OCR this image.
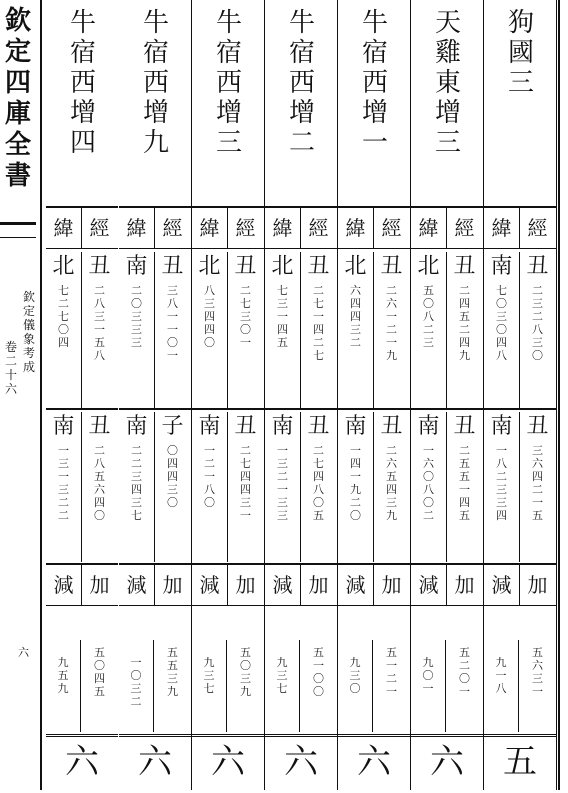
欽
定
四
庫
全
書
欽
定
儀
象
考
成
卷
二
十
六
六
狗
國
三
緯 經
南
七
〇
三
〇
四
八
丑
二
三
二
八
三
〇
南
一
八
二
三
三
四
丑
三
六
四
二
一
五
減 加
九
一
八
五
六
三
一
五
天
雞
東
增
三
緯 經
北
五
〇
八
二
三
丑
二
四
五
二
四
九
南
一
六
〇
八
〇
二
丑
二
五
五
一
四
五
減 加
九
〇
一
五
二
〇
一
六
牛
宿
西
增
一
緯 經
北
六
四
四
三
二
丑
二
六
一
二
一
九
南
一
四
一
九
二
〇
丑
二
六
五
四
三
九
減 加
九
三
〇
五
一
二
一
六
牛
宿
西
增
二
緯 經
北
七
三
一
四
五
丑
二
七
一
四
二
七
南
一
三
二
一
三
三
丑
二
七
四
八
〇
五
減 加
九
三
七
五
一
〇
〇
六
牛
宿
西
增
三
緯 經
北
八
三
四
四
〇
丑
二
七
三
〇
一
南
一
二
一
八
〇
丑
二
七
四
四
三
一
減 加
九
三
七
五
〇
三
九
六
牛
宿
西
增
九
緯 經
南
二
〇
三
三
三
丑
三
八
一
一
〇
一
南
二
二
三
四
三
七
子
〇
四
四
三
〇
減 加
一
〇
三
二
五
五
三
九
六
牛
宿
西
增
四
緯 經
北
七
二
七
〇
四
丑
二
八
三
一
五
八
南
一
三
一
三
二
二
丑
二
八
五
六
四
〇
減 加
九
五
九
五
〇
四
五
六
